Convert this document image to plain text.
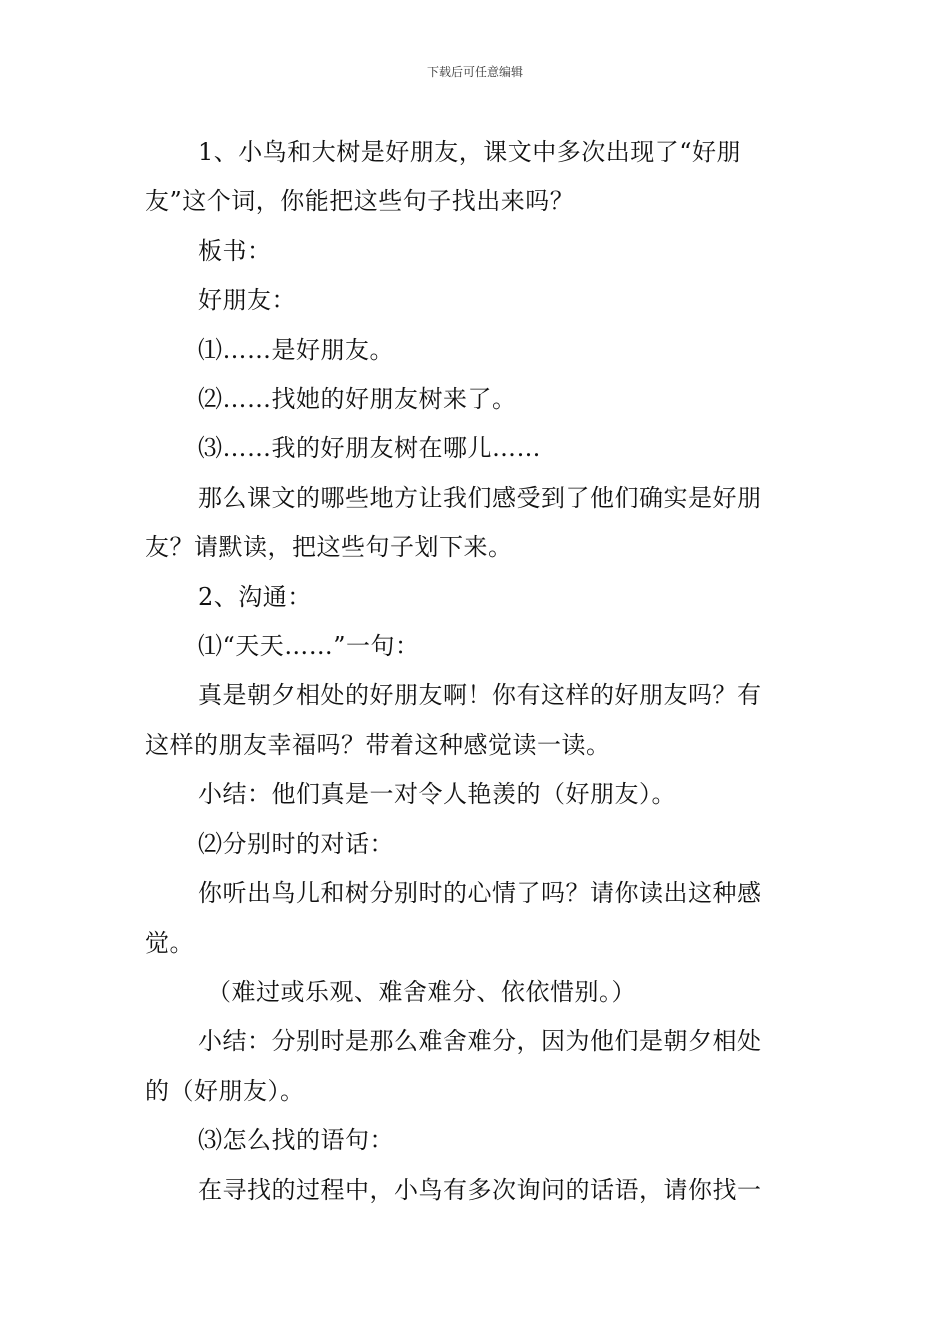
下载后可任意编辑

1、小鸟和大树是好朋友，课文中多次出现了“好朋

友”这个词，你能把这些句子找出来吗？

板书：

好朋友：

⑴……是好朋友。

⑵……找她的好朋友树来了。

⑶……我的好朋友树在哪儿……

那么课文的哪些地方让我们感受到了他们确实是好朋

友？请默读，把这些句子划下来。

2、沟通：

⑴“天天……”一句：

真是朝夕相处的好朋友啊！你有这样的好朋友吗？有

这样的朋友幸福吗？带着这种感觉读一读。

小结：他们真是一对令人艳羡的（好朋友）。

⑵分别时的对话：

你听出鸟儿和树分别时的心情了吗？请你读出这种感

觉。

（难过或乐观、难舍难分、依依惜别。）

小结：分别时是那么难舍难分，因为他们是朝夕相处

的（好朋友）。

⑶怎么找的语句：

在寻找的过程中，小鸟有多次询问的话语，请你找一
